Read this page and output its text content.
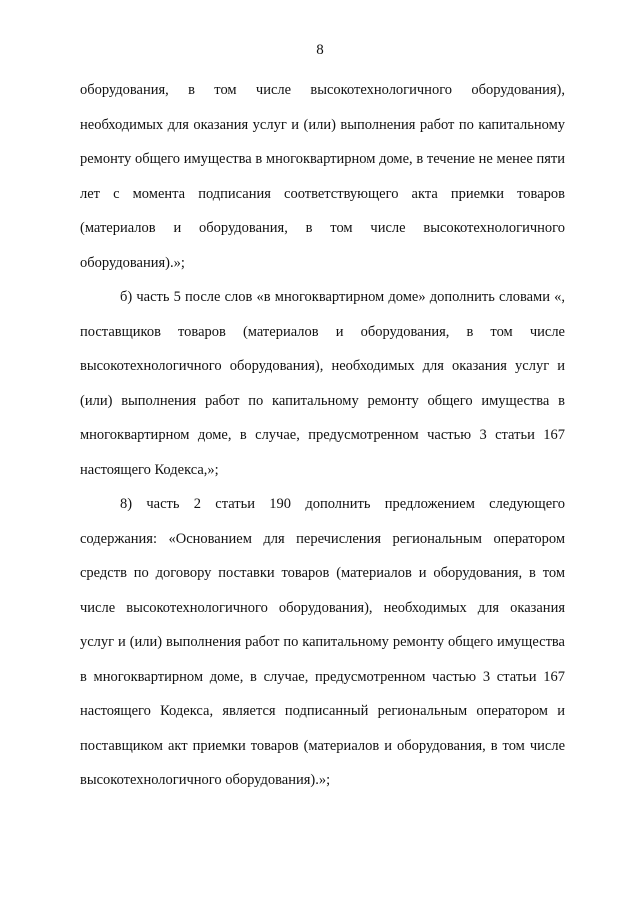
8

оборудования, в том числе высокотехнологичного оборудования), необходимых для оказания услуг и (или) выполнения работ по капитальному ремонту общего имущества в многоквартирном доме, в течение не менее пяти лет с момента подписания соответствующего акта приемки товаров (материалов и оборудования, в том числе высокотехнологичного оборудования).»;

б) часть 5 после слов «в многоквартирном доме» дополнить словами «, поставщиков товаров (материалов и оборудования, в том числе высокотехнологичного оборудования), необходимых для оказания услуг и (или) выполнения работ по капитальному ремонту общего имущества в многоквартирном доме, в случае, предусмотренном частью 3 статьи 167 настоящего Кодекса,»;

8) часть 2 статьи 190 дополнить предложением следующего содержания: «Основанием для перечисления региональным оператором средств по договору поставки товаров (материалов и оборудования, в том числе высокотехнологичного оборудования), необходимых для оказания услуг и (или) выполнения работ по капитальному ремонту общего имущества в многоквартирном доме, в случае, предусмотренном частью 3 статьи 167 настоящего Кодекса, является подписанный региональным оператором и поставщиком акт приемки товаров (материалов и оборудования, в том числе высокотехнологичного оборудования).»;
